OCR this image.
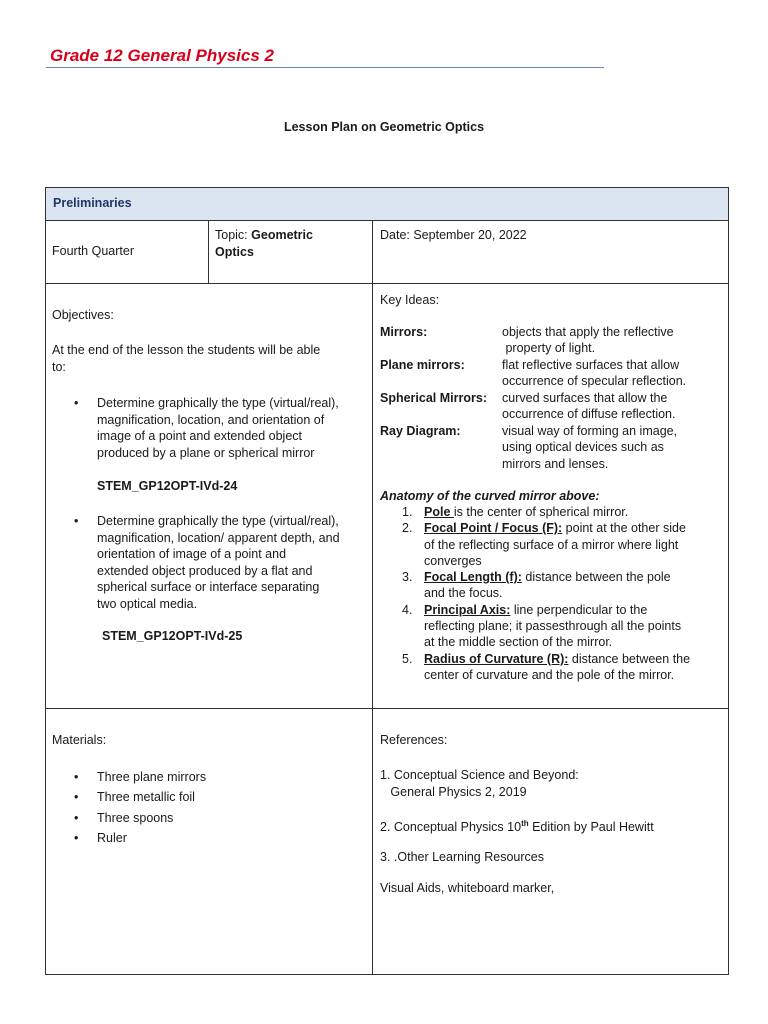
Grade 12 General Physics 2
Lesson Plan on Geometric Optics
Preliminaries
Fourth Quarter
Topic: Geometric
Optics
Date: September 20, 2022
Objectives:
At the end of the lesson the students will be able
to:
• Determine graphically the type (virtual/real),
magnification, location, and orientation of
image of a point and extended object
produced by a plane or spherical mirror
STEM_GP12OPT-IVd-24
• Determine graphically the type (virtual/real),
magnification, location/ apparent depth, and
orientation of image of a point and
extended object produced by a flat and
spherical surface or interface separating
two optical media.
STEM_GP12OPT-IVd-25
Key Ideas:
Mirrors:	objects that apply the reflective
property of light.
Plane mirrors:	flat reflective surfaces that allow
occurrence of specular reflection.
Spherical Mirrors: curved surfaces that allow the
occurrence of diffuse reflection.
Ray Diagram:	visual way of forming an image,
using optical devices such as
mirrors and lenses.
Anatomy of the curved mirror above:
1. Pole is the center of spherical mirror.
2. Focal Point / Focus (F): point at the other side
of the reflecting surface of a mirror where light
converges
3. Focal Length (f): distance between the pole
and the focus.
4. Principal Axis: line perpendicular to the
reflecting plane; it passesthrough all the points
at the middle section of the mirror.
5. Radius of Curvature (R): distance between the
center of curvature and the pole of the mirror.
Materials:
• Three plane mirrors
• Three metallic foil
• Three spoons
• Ruler
References:
1. Conceptual Science and Beyond:
General Physics 2, 2019
2. Conceptual Physics 10th Edition by Paul Hewitt
3. .Other Learning Resources
Visual Aids, whiteboard marker,
